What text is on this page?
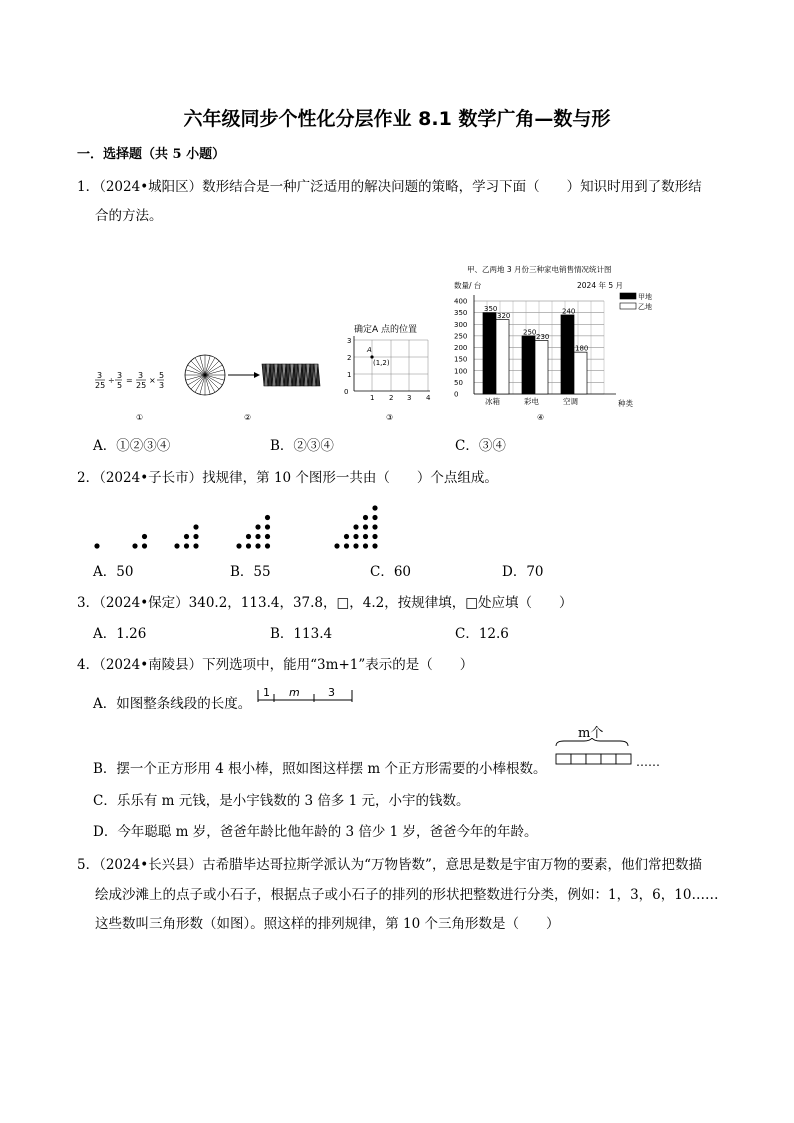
六年级同步个性化分层作业 8.1 数学广角—数与形
一．选择题（共 5 小题）
1．（2024•城阳区）数形结合是一种广泛适用的解决问题的策略，学习下面（　　）知识时用到了数形结
合的方法。
3
25
÷
3
5
=
3
25
×
5
3
①	②
确定A 点的位置
0
1
2
3
1 2 3 4
A
(1,2)
③
甲、乙两地 3 月份三种家电销售情况统计图
数量/ 台	2024 年 5 月
0
50
100
150
200
250
300
350
400
350
320
冰箱
250
230
彩电
240
180
空调	种类
甲地
乙地
④
A．①②③④	B．②③④	C．③④
2．（2024•子长市）找规律，第 10 个图形一共由（　　）个点组成。
A．50	B．55	C．60	D．70
3．（2024•保定）340.2，113.4，37.8，□，4.2，按规律填，□处应填（　　）
A．1.26	B．113.4	C．12.6
4．（2024•南陵县）下列选项中，能用“3m+1”表示的是（　　）
A．如图整条线段的长度。
1 m	3
m个
B．摆一个正方形用 4 根小棒，照如图这样摆 m 个正方形需要的小棒根数。	……
C．乐乐有 m 元钱，是小宇钱数的 3 倍多 1 元，小宇的钱数。
D．今年聪聪 m 岁，爸爸年龄比他年龄的 3 倍少 1 岁，爸爸今年的年龄。
5．（2024•长兴县）古希腊毕达哥拉斯学派认为“万物皆数”，意思是数是宇宙万物的要素，他们常把数描
绘成沙滩上的点子或小石子，根据点子或小石子的排列的形状把整数进行分类，例如：1，3，6，10……
这些数叫三角形数（如图）。照这样的排列规律，第 10 个三角形数是（　　）
